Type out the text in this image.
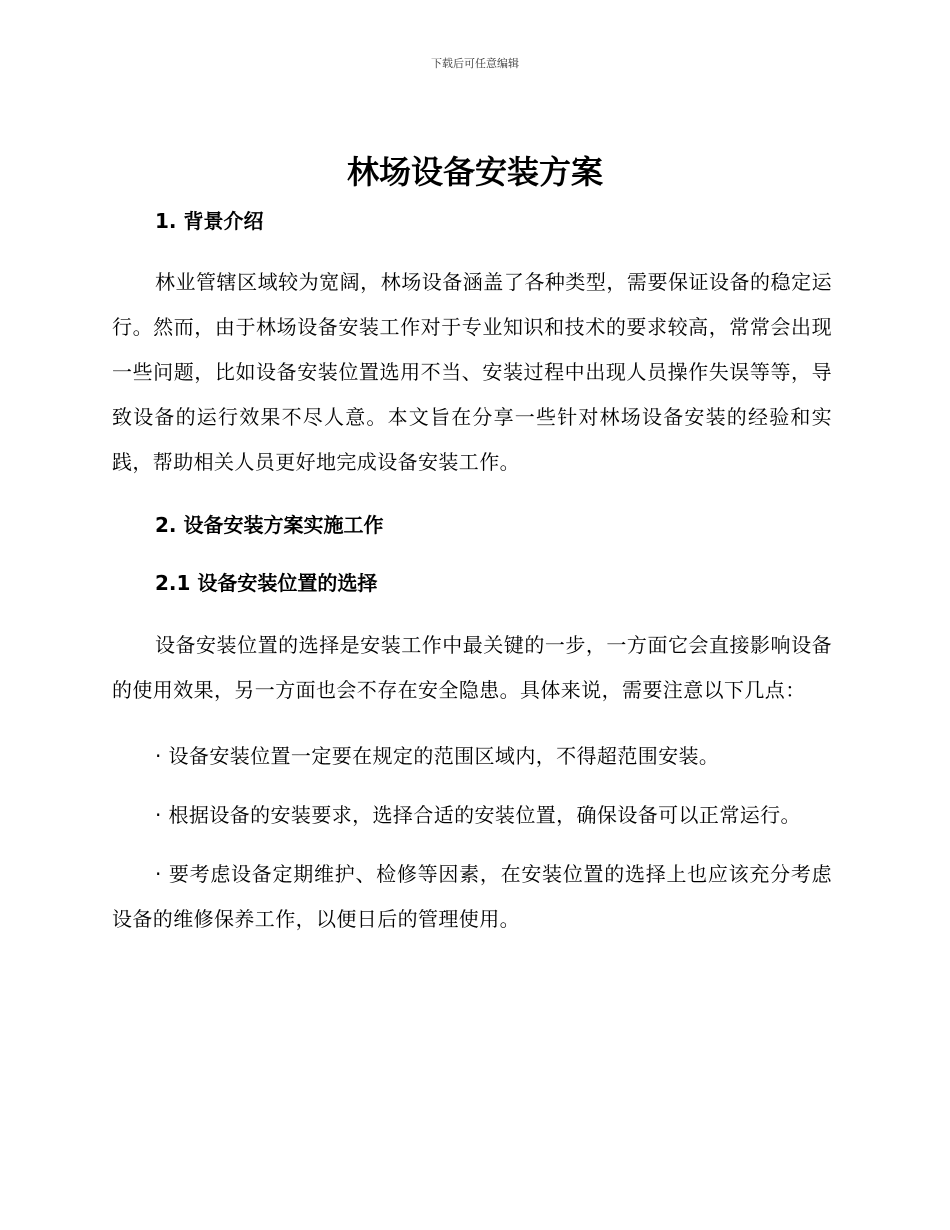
下载后可任意编辑
林场设备安装方案
1. 背景介绍

林业管辖区域较为宽阔，林场设备涵盖了各种类型，需要保证设备的稳定运行。然而，由于林场设备安装工作对于专业知识和技术的要求较高，常常会出现一些问题，比如设备安装位置选用不当、安装过程中出现人员操作失误等等，导致设备的运行效果不尽人意。本文旨在分享一些针对林场设备安装的经验和实践，帮助相关人员更好地完成设备安装工作。

2. 设备安装方案实施工作
2.1 设备安装位置的选择

设备安装位置的选择是安装工作中最关键的一步，一方面它会直接影响设备的使用效果，另一方面也会不存在安全隐患。具体来说，需要注意以下几点：

· 设备安装位置一定要在规定的范围区域内，不得超范围安装。

· 根据设备的安装要求，选择合适的安装位置，确保设备可以正常运行。

· 要考虑设备定期维护、检修等因素，在安装位置的选择上也应该充分考虑设备的维修保养工作，以便日后的管理使用。
